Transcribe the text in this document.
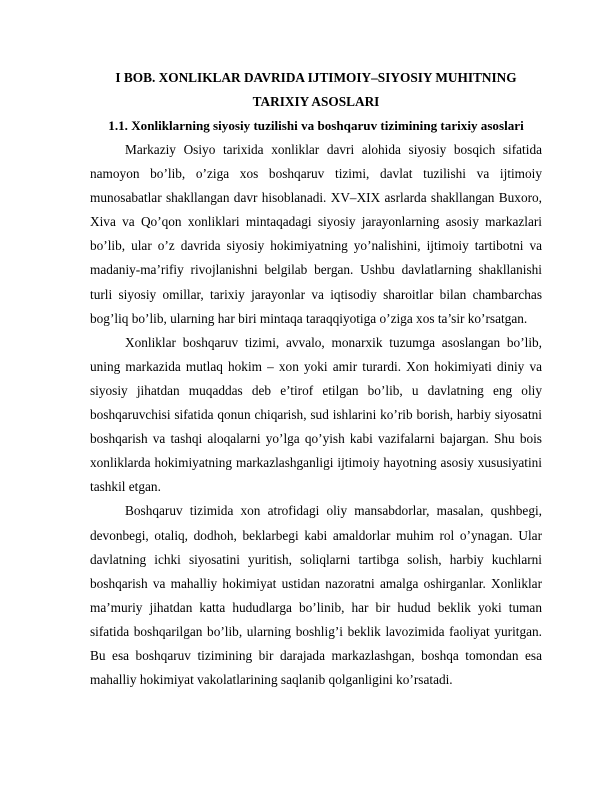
I BOB. XONLIKLAR DAVRIDA IJTIMOIY–SIYOSIY MUHITNING TARIXIY ASOSLARI
1.1. Xonliklarning siyosiy tuzilishi va boshqaruv tizimining tarixiy asoslari

Markaziy Osiyo tarixida xonliklar davri alohida siyosiy bosqich sifatida namoyon bo’lib, o’ziga xos boshqaruv tizimi, davlat tuzilishi va ijtimoiy munosabatlar shakllangan davr hisoblanadi. XV–XIX asrlarda shakllangan Buxoro, Xiva va Qo’qon xonliklari mintaqadagi siyosiy jarayonlarning asosiy markazlari bo’lib, ular o’z davrida siyosiy hokimiyatning yo’nalishini, ijtimoiy tartibotni va madaniy-ma’rifiy rivojlanishni belgilab bergan. Ushbu davlatlarning shakllanishi turli siyosiy omillar, tarixiy jarayonlar va iqtisodiy sharoitlar bilan chambarchas bog’liq bo’lib, ularning har biri mintaqa taraqqiyotiga o’ziga xos ta’sir ko’rsatgan.

Xonliklar boshqaruv tizimi, avvalo, monarxik tuzumga asoslangan bo’lib, uning markazida mutlaq hokim – xon yoki amir turardi. Xon hokimiyati diniy va siyosiy jihatdan muqaddas deb e’tirof etilgan bo’lib, u davlatning eng oliy boshqaruvchisi sifatida qonun chiqarish, sud ishlarini ko’rib borish, harbiy siyosatni boshqarish va tashqi aloqalarni yo’lga qo’yish kabi vazifalarni bajargan. Shu bois xonliklarda hokimiyatning markazlashganligi ijtimoiy hayotning asosiy xususiyatini tashkil etgan.

Boshqaruv tizimida xon atrofidagi oliy mansabdorlar, masalan, qushbegi, devonbegi, otaliq, dodhoh, beklarbegi kabi amaldorlar muhim rol o’ynagan. Ular davlatning ichki siyosatini yuritish, soliqlarni tartibga solish, harbiy kuchlarni boshqarish va mahalliy hokimiyat ustidan nazoratni amalga oshirganlar. Xonliklar ma’muriy jihatdan katta hududlarga bo’linib, har bir hudud beklik yoki tuman sifatida boshqarilgan bo’lib, ularning boshlig’i beklik lavozimida faoliyat yuritgan. Bu esa boshqaruv tizimining bir darajada markazlashgan, boshqa tomondan esa mahalliy hokimiyat vakolatlarining saqlanib qolganligini ko’rsatadi.
